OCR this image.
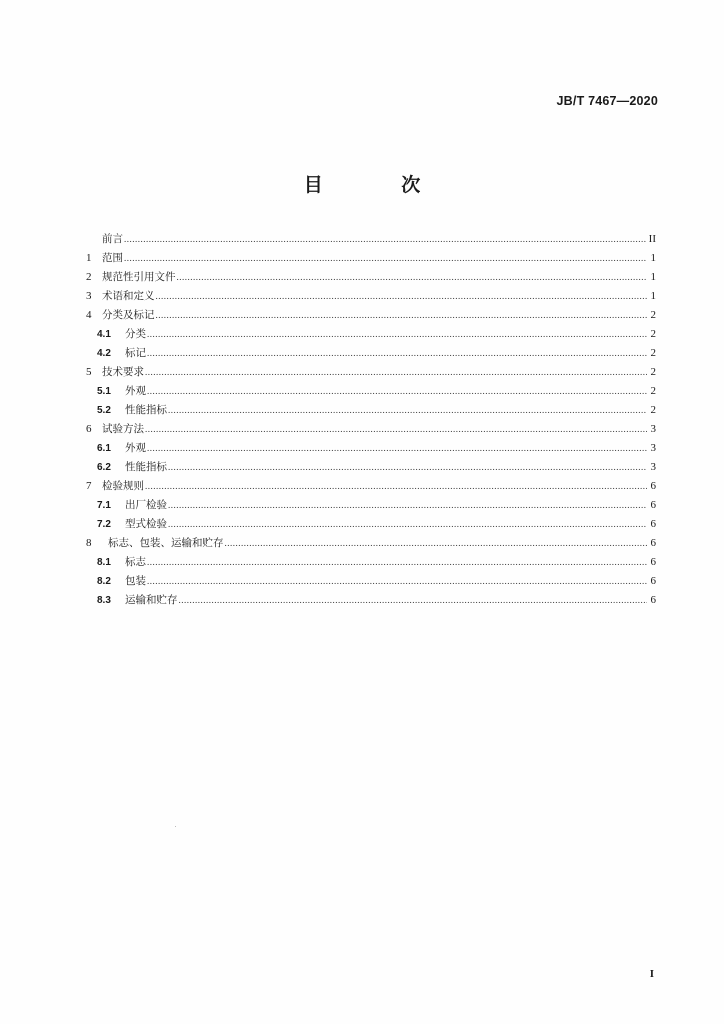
JB/T 7467—2020
目 次
前言 .....	II
1	范围 .....	1
2	规范性引用文件 .....	1
3	术语和定义 .....	1
4	分类及标记 .....	2
4.1	分类 .....	2
4.2	标记 .....	2
5	技术要求 .....	2
5.1	外观 .....	2
5.2	性能指标 .....	2
6	试验方法 .....	3
6.1	外观 .....	3
6.2	性能指标 .....	3
7	检验规则 .....	6
7.1	出厂检验 .....	6
7.2	型式检验 .....	6
8	标志、包装、运输和贮存 .....	6
8.1	标志 .....	6
8.2	包装 .....	6
8.3	运输和贮存 .....	6
I
